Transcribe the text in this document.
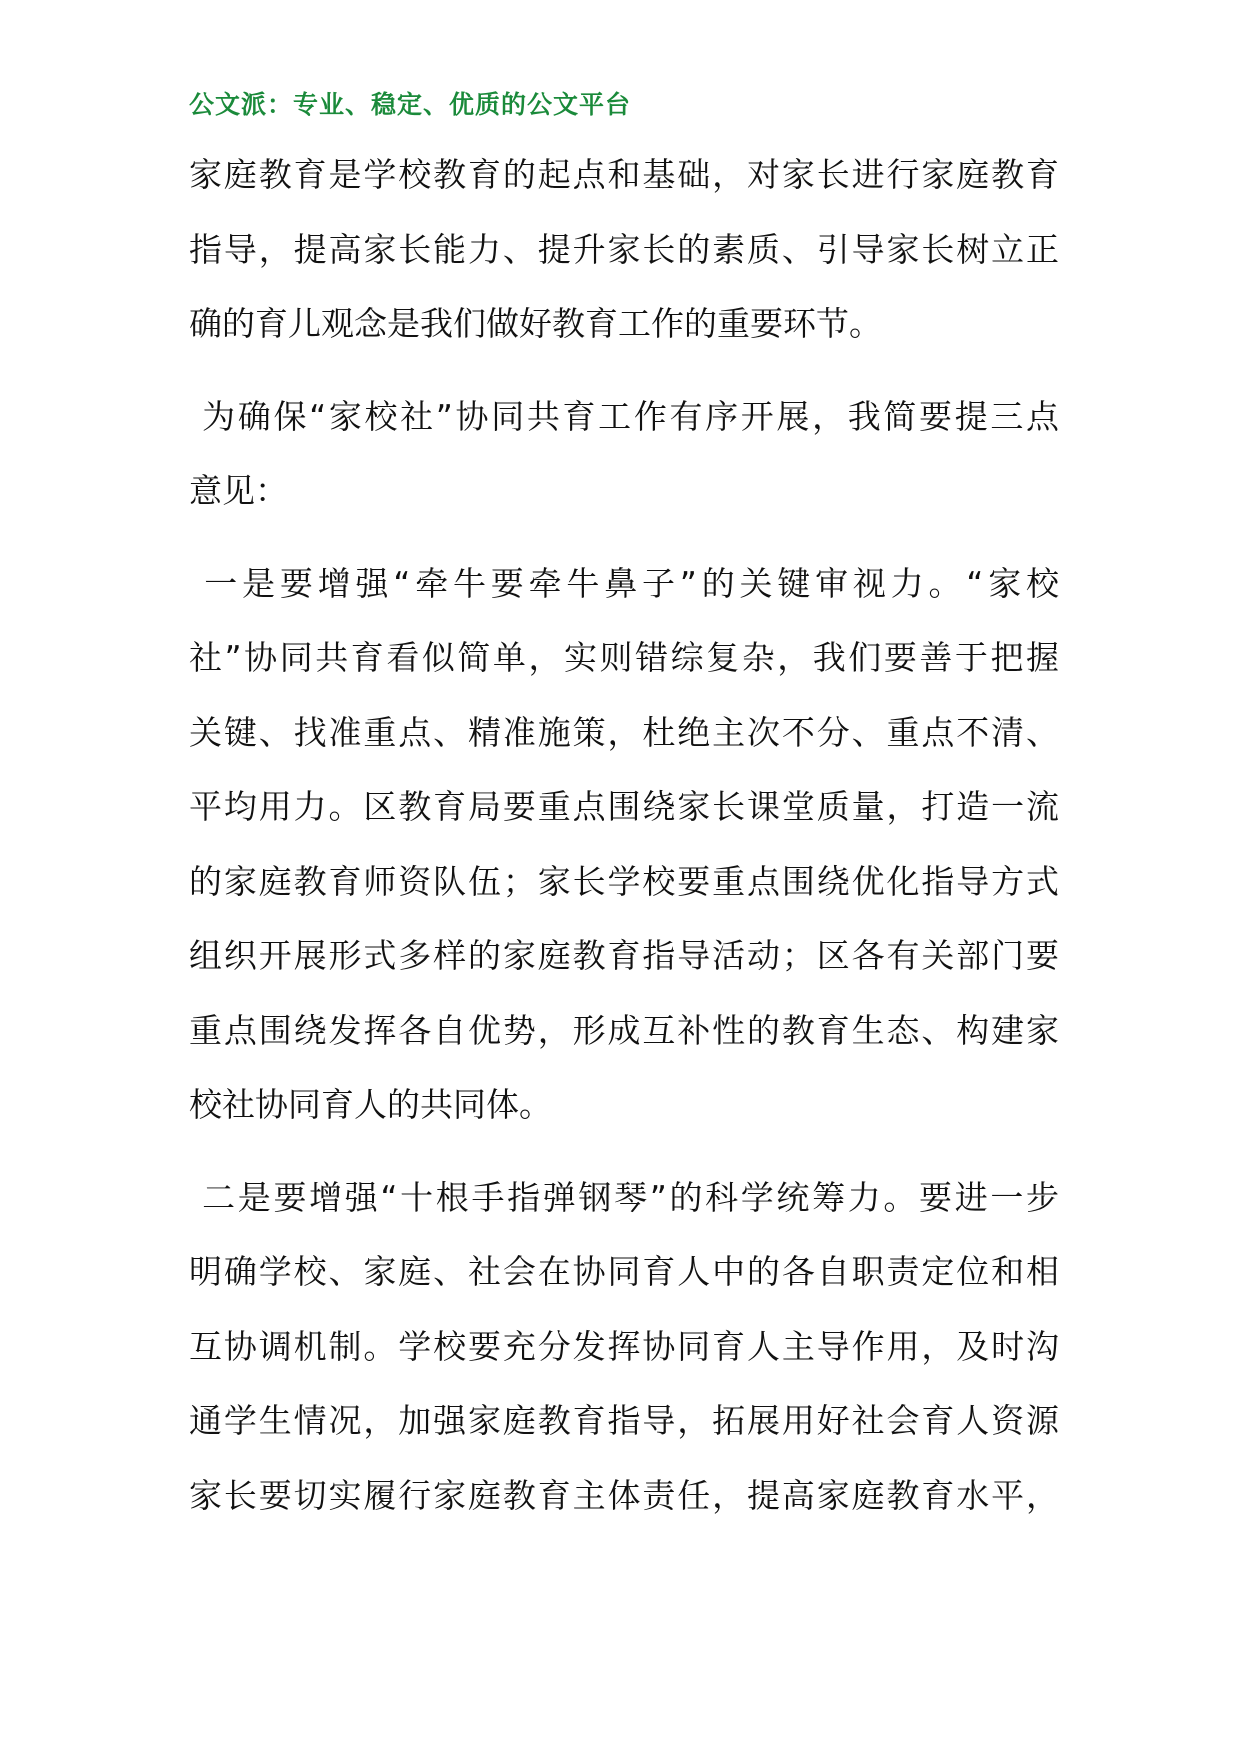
公文派：专业、稳定、优质的公文平台
家庭教育是学校教育的起点和基础，对家长进行家庭教育
指导，提高家长能力、提升家长的素质、引导家长树立正
确的育儿观念是我们做好教育工作的重要环节。
为确保“家校社”协同共育工作有序开展，我简要提三点
意见：
一是要增强“牵牛要牵牛鼻子”的关键审视力。“家校
社”协同共育看似简单，实则错综复杂，我们要善于把握
关键、找准重点、精准施策，杜绝主次不分、重点不清、
平均用力。区教育局要重点围绕家长课堂质量，打造一流
的家庭教育师资队伍；家长学校要重点围绕优化指导方式
组织开展形式多样的家庭教育指导活动；区各有关部门要
重点围绕发挥各自优势，形成互补性的教育生态、构建家
校社协同育人的共同体。
二是要增强“十根手指弹钢琴”的科学统筹力。要进一步
明确学校、家庭、社会在协同育人中的各自职责定位和相
互协调机制。学校要充分发挥协同育人主导作用，及时沟
通学生情况，加强家庭教育指导，拓展用好社会育人资源
家长要切实履行家庭教育主体责任，提高家庭教育水平，
